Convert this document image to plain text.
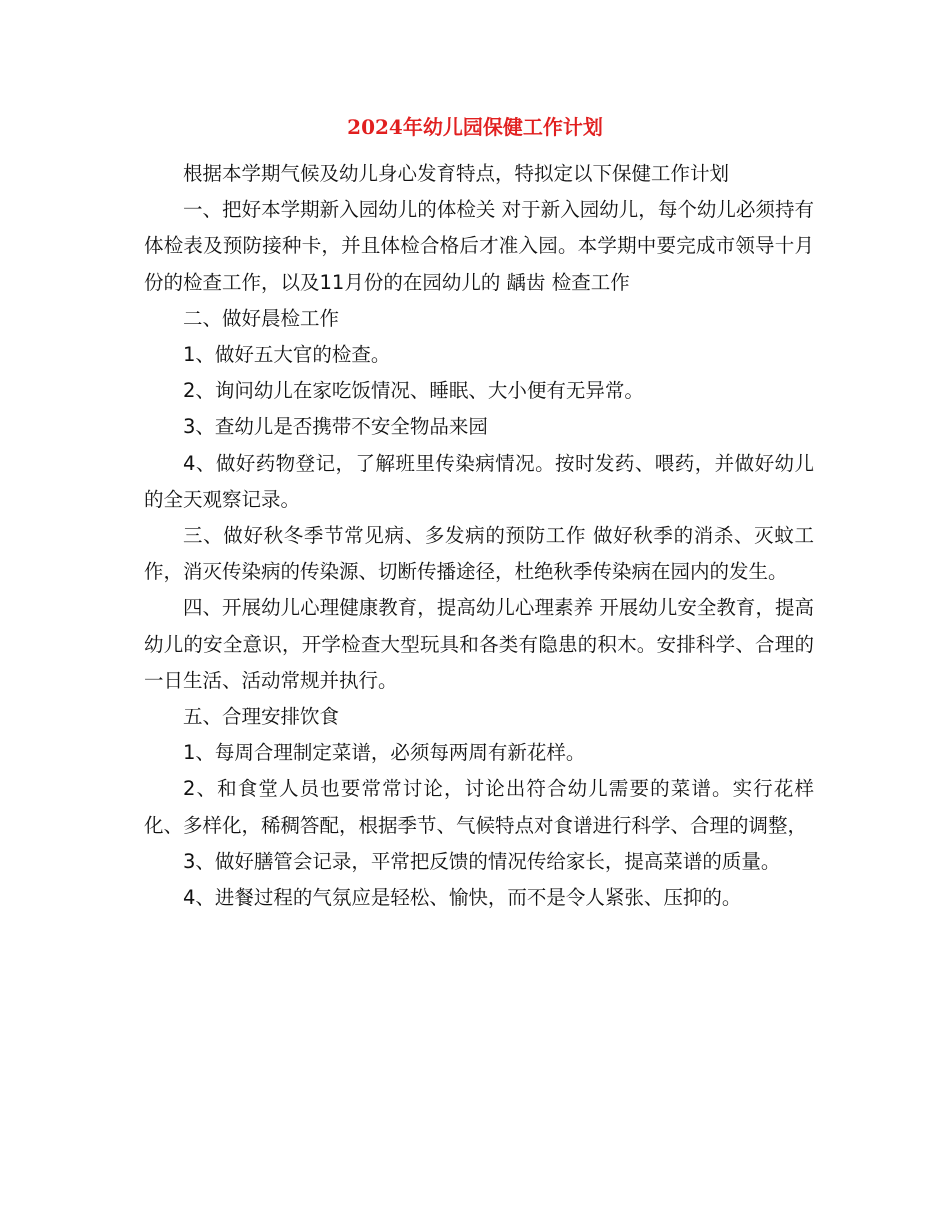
2024年幼儿园保健工作计划

根据本学期气候及幼儿身心发育特点，特拟定以下保健工作计划

一、把好本学期新入园幼儿的体检关 对于新入园幼儿，每个幼儿必须持有体检表及预防接种卡，并且体检合格后才准入园。本学期中要完成市领导十月份的检查工作，以及11月份的在园幼儿的 龋齿 检查工作

二、做好晨检工作

1、做好五大官的检查。

2、询问幼儿在家吃饭情况、睡眠、大小便有无异常。

3、查幼儿是否携带不安全物品来园

4、做好药物登记，了解班里传染病情况。按时发药、喂药，并做好幼儿的全天观察记录。

三、做好秋冬季节常见病、多发病的预防工作 做好秋季的消杀、灭蚊工作，消灭传染病的传染源、切断传播途径，杜绝秋季传染病在园内的发生。

四、开展幼儿心理健康教育，提高幼儿心理素养 开展幼儿安全教育，提高幼儿的安全意识，开学检查大型玩具和各类有隐患的积木。安排科学、合理的一日生活、活动常规并执行。

五、合理安排饮食

1、每周合理制定菜谱，必须每两周有新花样。

2、和食堂人员也要常常讨论，讨论出符合幼儿需要的菜谱。实行花样化、多样化，稀稠答配，根据季节、气候特点对食谱进行科学、合理的调整，

3、做好膳管会记录，平常把反馈的情况传给家长，提高菜谱的质量。

4、进餐过程的气氛应是轻松、愉快，而不是令人紧张、压抑的。
